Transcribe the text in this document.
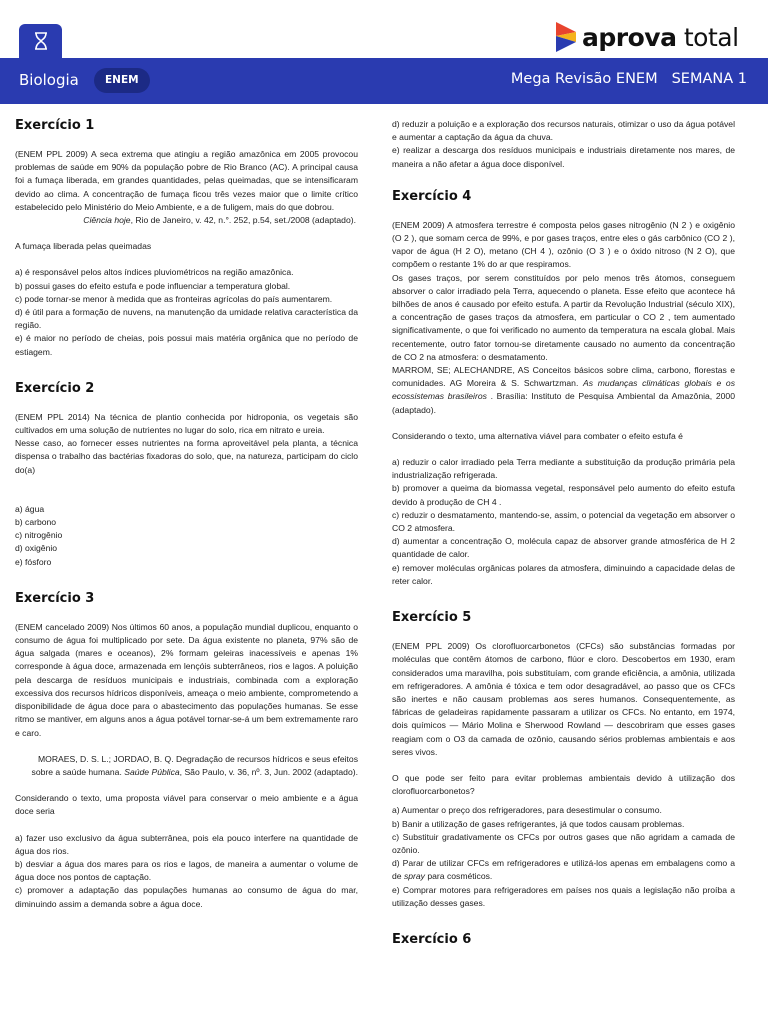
aprova total
Biologia	ENEM	Mega Revisão ENEM SEMANA 1
Exercício 1

(ENEM PPL 2009) A seca extrema que atingiu a região amazônica em 2005 provocou problemas de saúde em 90% da população pobre de Rio Branco (AC). A principal causa foi a fumaça liberada, em grandes quantidades, pelas queimadas, que se intensificaram devido ao clima. A concentração de fumaça ficou três vezes maior que o limite crítico estabelecido pelo Ministério do Meio Ambiente, e a de fuligem, mais do que dobrou.

Ciência hoje, Rio de Janeiro, v. 42, n.°. 252, p.54, set./2008 (adaptado).

A fumaça liberada pelas queimadas

a) é responsável pelos altos índices pluviométricos na região amazônica.

b) possui gases do efeito estufa e pode influenciar a temperatura global.

c) pode tornar-se menor à medida que as fronteiras agrícolas do país aumentarem.

d) é útil para a formação de nuvens, na manutenção da umidade relativa característica da região.

e) é maior no período de cheias, pois possui mais matéria orgânica que no período de estiagem.

Exercício 2

(ENEM PPL 2014) Na técnica de plantio conhecida por hidroponia, os vegetais são cultivados em uma solução de nutrientes no lugar do solo, rica em nitrato e ureia.

Nesse caso, ao fornecer esses nutrientes na forma aproveitável pela planta, a técnica dispensa o trabalho das bactérias fixadoras do solo, que, na natureza, participam do ciclo do(a)

a) água

b) carbono

c) nitrogênio

d) oxigênio

e) fósforo

Exercício 3

(ENEM cancelado 2009) Nos últimos 60 anos, a população mundial duplicou, enquanto o consumo de água foi multiplicado por sete. Da água existente no planeta, 97% são de água salgada (mares e oceanos), 2% formam geleiras inacessíveis e apenas 1% corresponde à água doce, armazenada em lençóis subterrâneos, rios e lagos. A poluição pela descarga de resíduos municipais e industriais, combinada com a exploração excessiva dos recursos hídricos disponíveis, ameaça o meio ambiente, comprometendo a disponibilidade de água doce para o abastecimento das populações humanas. Se esse ritmo se mantiver, em alguns anos a água potável tornar-se-á um bem extremamente raro e caro.

MORAES, D. S. L.; JORDAO, B. Q. Degradação de recursos hídricos e seus efeitos sobre a saúde humana. Saúde Pública, São Paulo, v. 36, nº. 3, Jun. 2002 (adaptado).

Considerando o texto, uma proposta viável para conservar o meio ambiente e a água doce seria

a) fazer uso exclusivo da água subterrânea, pois ela pouco interfere na quantidade de água dos rios.

b) desviar a água dos mares para os rios e lagos, de maneira a aumentar o volume de água doce nos pontos de captação.

c) promover a adaptação das populações humanas ao consumo de água do mar, diminuindo assim a demanda sobre a água doce.

d) reduzir a poluição e a exploração dos recursos naturais, otimizar o uso da água potável e aumentar a captação da água da chuva.

e) realizar a descarga dos resíduos municipais e industriais diretamente nos mares, de maneira a não afetar a água doce disponível.

Exercício 4

(ENEM 2009) A atmosfera terrestre é composta pelos gases nitrogênio (N 2 ) e oxigênio (O 2 ), que somam cerca de 99%, e por gases traços, entre eles o gás carbônico (CO 2 ), vapor de água (H 2 O), metano (CH 4 ), ozônio (O 3 ) e o óxido nitroso (N 2 O), que compõem o restante 1% do ar que respiramos.

Os gases traços, por serem constituídos por pelo menos três átomos, conseguem absorver o calor irradiado pela Terra, aquecendo o planeta. Esse efeito que acontece há bilhões de anos é causado por efeito estufa. A partir da Revolução Industrial (século XIX), a concentração de gases traços da atmosfera, em particular o CO 2 , tem aumentado significativamente, o que foi verificado no aumento da temperatura na escala global. Mais recentemente, outro fator tornou-se diretamente causado no aumento da concentração de CO 2 na atmosfera: o desmatamento.

MARROM, SE; ALECHANDRE, AS Conceitos básicos sobre clima, carbono, florestas e comunidades. AG Moreira & S. Schwartzman. As mudanças climáticas globais e os ecossistemas brasileiros . Brasília: Instituto de Pesquisa Ambiental da Amazônia, 2000 (adaptado).

Considerando o texto, uma alternativa viável para combater o efeito estufa é

a) reduzir o calor irradiado pela Terra mediante a substituição da produção primária pela industrialização refrigerada.

b) promover a queima da biomassa vegetal, responsável pelo aumento do efeito estufa devido à produção de CH 4 .

c) reduzir o desmatamento, mantendo-se, assim, o potencial da vegetação em absorver o CO 2 atmosfera.

d) aumentar a concentração O, molécula capaz de absorver grande atmosférica de H 2 quantidade de calor.

e) remover moléculas orgânicas polares da atmosfera, diminuindo a capacidade delas de reter calor.

Exercício 5

(ENEM PPL 2009) Os clorofluorcarbonetos (CFCs) são substâncias formadas por moléculas que contêm átomos de carbono, flúor e cloro. Descobertos em 1930, eram considerados uma maravilha, pois substituíam, com grande eficiência, a amônia, utilizada em refrigeradores. A amônia é tóxica e tem odor desagradável, ao passo que os CFCs são inertes e não causam problemas aos seres humanos. Consequentemente, as fábricas de geladeiras rapidamente passaram a utilizar os CFCs. No entanto, em 1974, dois químicos — Mário Molina e Sherwood Rowland — descobriram que esses gases reagiam com o O3 da camada de ozônio, causando sérios problemas ambientais e aos seres vivos.

O que pode ser feito para evitar problemas ambientais devido à utilização dos clorofluorcarbonetos?

a) Aumentar o preço dos refrigeradores, para desestimular o consumo.

b) Banir a utilização de gases refrigerantes, já que todos causam problemas.

c) Substituir gradativamente os CFCs por outros gases que não agridam a camada de ozônio.

d) Parar de utilizar CFCs em refrigeradores e utilizá-los apenas em embalagens como a de spray para cosméticos.

e) Comprar motores para refrigeradores em países nos quais a legislação não proíba a utilização desses gases.

Exercício 6
